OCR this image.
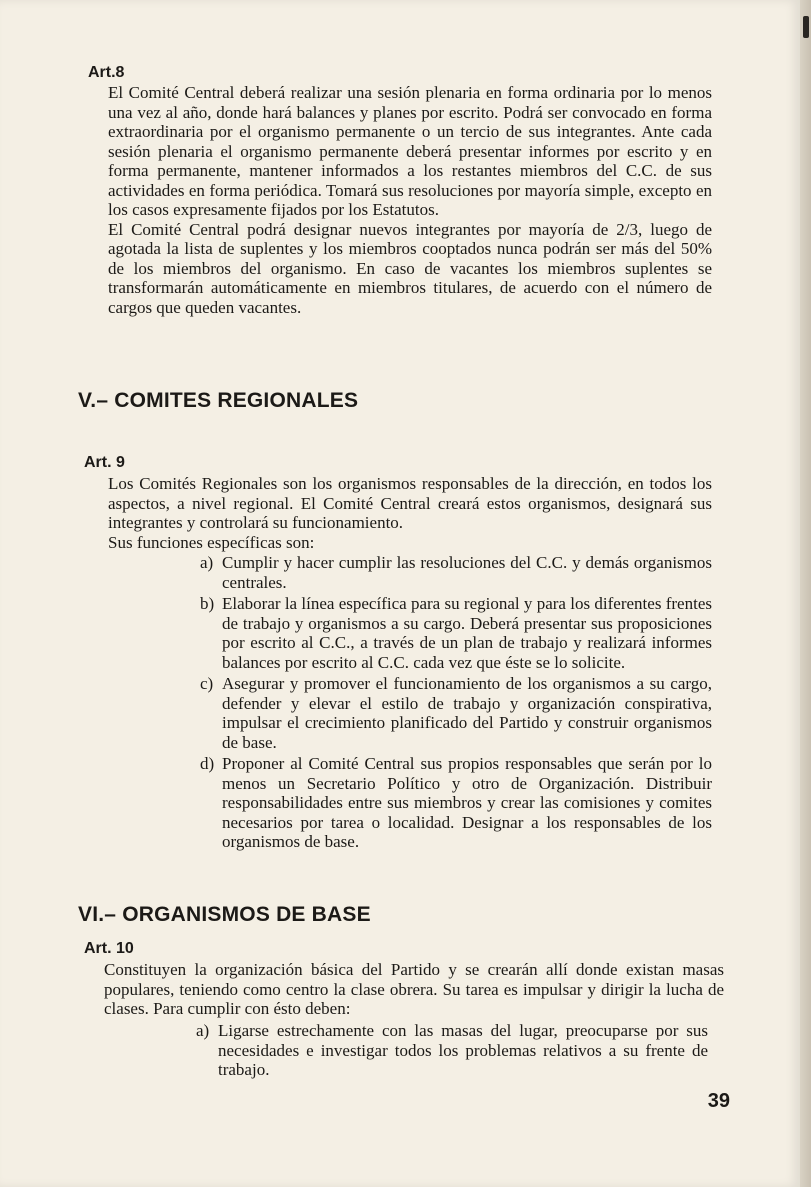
Art.8

El Comité Central deberá realizar una sesión plenaria en forma ordinaria por lo menos una vez al año, donde hará balances y planes por escrito. Podrá ser convocado en forma extraordinaria por el organismo permanente o un tercio de sus integrantes. Ante cada sesión plenaria el organismo permanente deberá presentar informes por escrito y en forma permanente, mantener informados a los restantes miembros del C.C. de sus actividades en forma periódica. Tomará sus resoluciones por mayoría simple, excepto en los casos expresamente fijados por los Estatutos.

El Comité Central podrá designar nuevos integrantes por mayoría de 2/3, luego de agotada la lista de suplentes y los miembros cooptados nunca podrán ser más del 50% de los miembros del organismo. En caso de vacantes los miembros suplentes se transformarán automáticamente en miembros titulares, de acuerdo con el número de cargos que queden vacantes.

V.– COMITES REGIONALES
Art. 9

Los Comités Regionales son los organismos responsables de la dirección, en todos los aspectos, a nivel regional. El Comité Central creará estos organismos, designará sus integrantes y controlará su funcionamiento.

Sus funciones específicas son:

a) Cumplir y hacer cumplir las resoluciones del C.C. y demás organismos centrales.
b) Elaborar la línea específica para su regional y para los diferentes frentes de trabajo y organismos a su cargo. Deberá presentar sus proposiciones por escrito al C.C., a través de un plan de trabajo y realizará informes balances por escrito al C.C. cada vez que éste se lo solicite.
c) Asegurar y promover el funcionamiento de los organismos a su cargo, defender y elevar el estilo de trabajo y organización conspirativa, impulsar el crecimiento planificado del Partido y construir organismos de base.
d) Proponer al Comité Central sus propios responsables que serán por lo menos un Secretario Político y otro de Organización. Distribuir responsabilidades entre sus miembros y crear las comisiones y comites necesarios por tarea o localidad. Designar a los responsables de los organismos de base.
VI.– ORGANISMOS DE BASE
Art. 10

Constituyen la organización básica del Partido y se crearán allí donde existan masas populares, teniendo como centro la clase obrera. Su tarea es impulsar y dirigir la lucha de clases. Para cumplir con ésto deben:

a) Ligarse estrechamente con las masas del lugar, preocuparse por sus necesidades e investigar todos los problemas relativos a su frente de trabajo.
39
